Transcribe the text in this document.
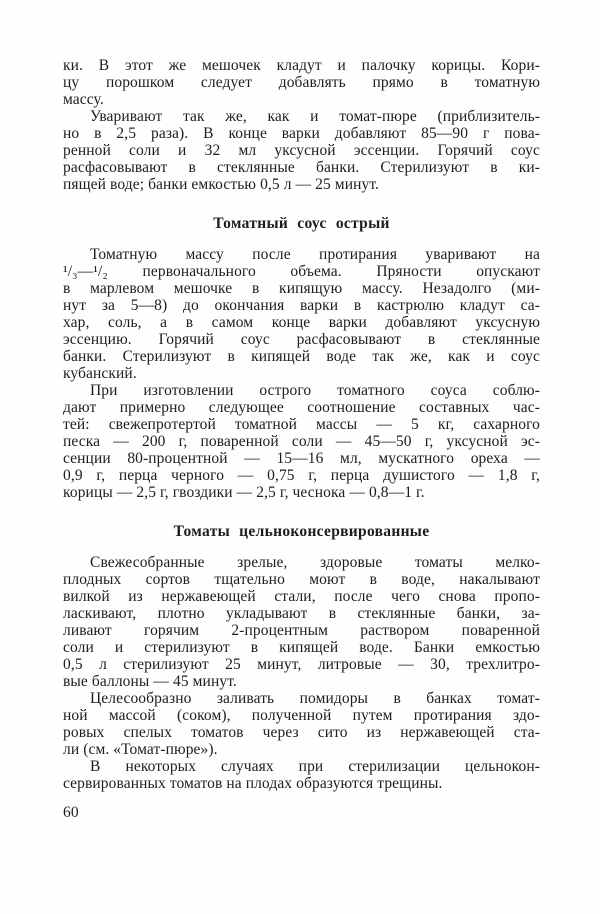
ки. В этот же мешочек кладут и палочку корицы. Кори-
цу порошком следует добавлять прямо в томатную
массу.

Уваривают так же, как и томат-пюре (приблизитель-
но в 2,5 раза). В конце варки добавляют 85—90 г пова-
ренной соли и 32 мл уксусной эссенции. Горячий соус
расфасовывают в стеклянные банки. Стерилизуют в ки-
пящей воде; банки емкостью 0,5 л — 25 минут.

Томатный соус острый

Томатную массу после протирания уваривают на
¹/₃—¹/₂ первоначального объема. Пряности опускают
в марлевом мешочке в кипящую массу. Незадолго (ми-
нут за 5—8) до окончания варки в кастрюлю кладут са-
хар, соль, а в самом конце варки добавляют уксусную
эссенцию. Горячий соус расфасовывают в стеклянные
банки. Стерилизуют в кипящей воде так же, как и соус
кубанский.

При изготовлении острого томатного соуса соблю-
дают примерно следующее соотношение составных час-
тей: свежепротертой томатной массы — 5 кг, сахарного
песка — 200 г, поваренной соли — 45—50 г, уксусной эс-
сенции 80-процентной — 15—16 мл, мускатного ореха —
0,9 г, перца черного — 0,75 г, перца душистого — 1,8 г,
корицы — 2,5 г, гвоздики — 2,5 г, чеснока — 0,8—1 г.

Томаты цельноконсервированные

Свежесобранные зрелые, здоровые томаты мелко-
плодных сортов тщательно моют в воде, накалывают
вилкой из нержавеющей стали, после чего снова пропо-
ласкивают, плотно укладывают в стеклянные банки, за-
ливают горячим 2-процентным раствором поваренной
соли и стерилизуют в кипящей воде. Банки емкостью
0,5 л стерилизуют 25 минут, литровые — 30, трехлитро-
вые баллоны — 45 минут.

Целесообразно заливать помидоры в банках томат-
ной массой (соком), полученной путем протирания здо-
ровых спелых томатов через сито из нержавеющей ста-
ли (см. «Томат-пюре»).

В некоторых случаях при стерилизации цельнокон-
сервированных томатов на плодах образуются трещины.

60
